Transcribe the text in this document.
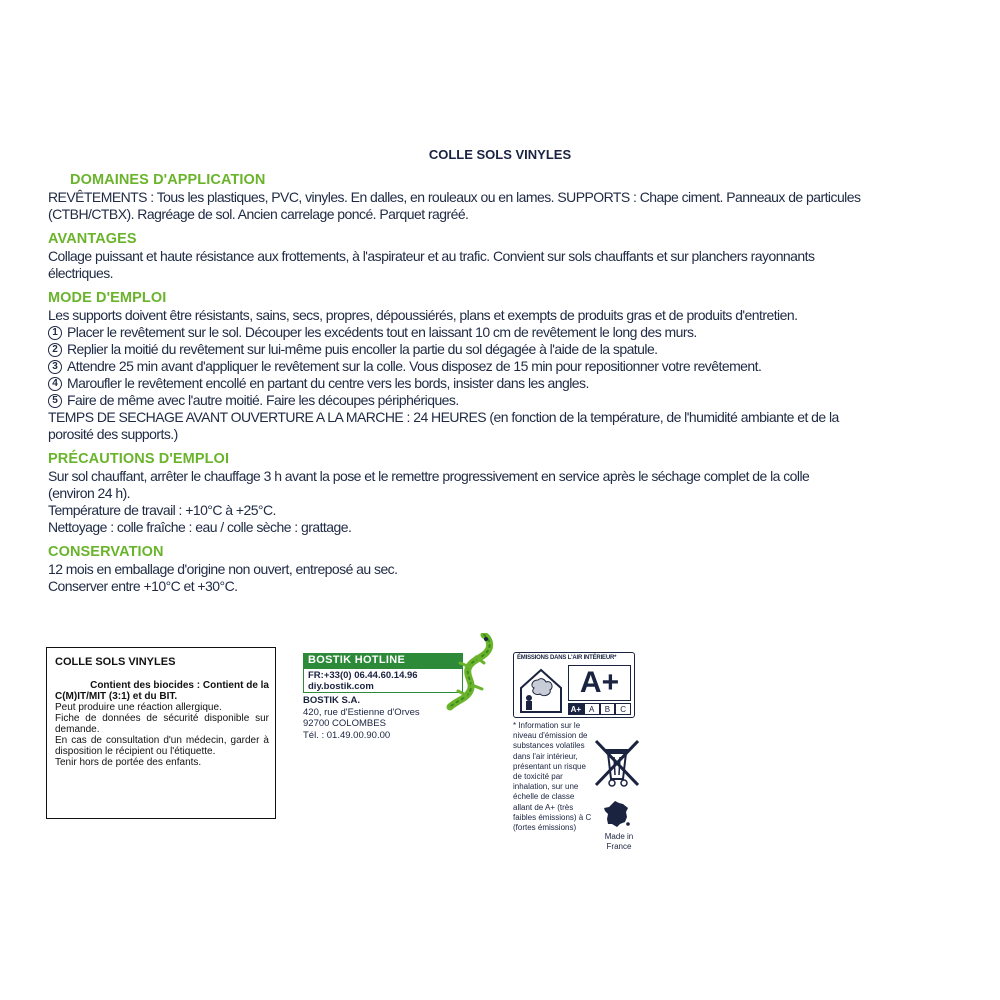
COLLE SOLS VINYLES
DOMAINES D'APPLICATION
REVÊTEMENTS : Tous les plastiques, PVC, vinyles. En dalles, en rouleaux ou en lames. SUPPORTS : Chape ciment. Panneaux de particules
(CTBH/CTBX). Ragréage de sol. Ancien carrelage poncé. Parquet ragréé.
AVANTAGES
Collage puissant et haute résistance aux frottements, à l'aspirateur et au trafic. Convient sur sols chauffants et sur planchers rayonnants
électriques.
MODE D'EMPLOI
Les supports doivent être résistants, sains, secs, propres, dépoussiérés, plans et exempts de produits gras et de produits d'entretien.
1 Placer le revêtement sur le sol. Découper les excédents tout en laissant 10 cm de revêtement le long des murs.
2 Replier la moitié du revêtement sur lui-même puis encoller la partie du sol dégagée à l'aide de la spatule.
3 Attendre 25 min avant d'appliquer le revêtement sur la colle. Vous disposez de 15 min pour repositionner votre revêtement.
4 Maroufler le revêtement encollé en partant du centre vers les bords, insister dans les angles.
5 Faire de même avec l'autre moitié. Faire les découpes périphériques.
TEMPS DE SECHAGE AVANT OUVERTURE A LA MARCHE : 24 HEURES (en fonction de la température, de l'humidité ambiante et de la
porosité des supports.)
PRÉCAUTIONS D'EMPLOI
Sur sol chauffant, arrêter le chauffage 3 h avant la pose et le remettre progressivement en service après le séchage complet de la colle
(environ 24 h).
Température de travail : +10°C à +25°C.
Nettoyage : colle fraîche : eau / colle sèche : grattage.
CONSERVATION
12 mois en emballage d'origine non ouvert, entreposé au sec.
Conserver entre +10°C et +30°C.
COLLE SOLS VINYLES
Contient des biocides : Contient de la
C(M)IT/MIT (3:1) et du BIT.
Peut produire une réaction allergique.
Fiche de données de sécurité disponible sur demande.
En cas de consultation d'un médecin, garder à disposition le récipient ou l'étiquette.
Tenir hors de portée des enfants.
BOSTIK HOTLINE
FR:+33(0) 06.44.60.14.96
diy.bostik.com
BOSTIK S.A.
420, rue d'Estienne d'Orves
92700 COLOMBES
Tél. : 01.49.00.90.00
ÉMISSIONS DANS L'AIR INTÉRIEUR*
A+
A+ A	B	C
* Information sur le niveau d'émission de substances volatiles dans l'air intérieur, présentant un risque de toxicité par inhalation, sur une échelle de classe allant de A+ (très faibles émissions) à C (fortes émissions)
Made in France
